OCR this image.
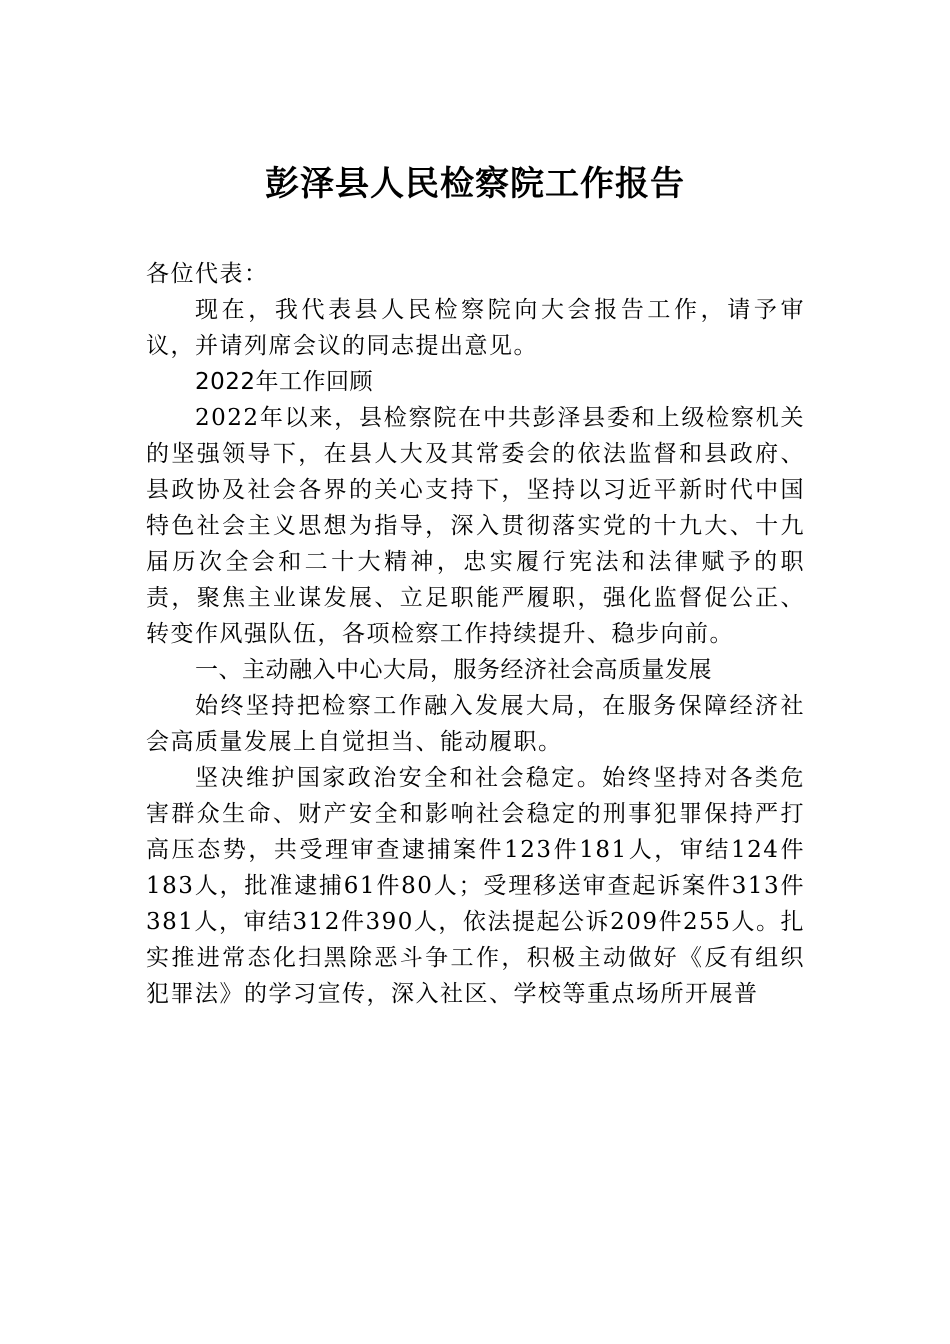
彭泽县人民检察院工作报告

各位代表：

现在，我代表县人民检察院向大会报告工作，请予审议，并请列席会议的同志提出意见。

2022年工作回顾

2022年以来，县检察院在中共彭泽县委和上级检察机关的坚强领导下，在县人大及其常委会的依法监督和县政府、县政协及社会各界的关心支持下，坚持以习近平新时代中国特色社会主义思想为指导，深入贯彻落实党的十九大、十九届历次全会和二十大精神，忠实履行宪法和法律赋予的职责，聚焦主业谋发展、立足职能严履职，强化监督促公正、转变作风强队伍，各项检察工作持续提升、稳步向前。

一、主动融入中心大局，服务经济社会高质量发展

始终坚持把检察工作融入发展大局，在服务保障经济社会高质量发展上自觉担当、能动履职。

坚决维护国家政治安全和社会稳定。始终坚持对各类危害群众生命、财产安全和影响社会稳定的刑事犯罪保持严打高压态势，共受理审查逮捕案件123件181人，审结124件183人，批准逮捕61件80人；受理移送审查起诉案件313件381人，审结312件390人，依法提起公诉209件255人。扎实推进常态化扫黑除恶斗争工作，积极主动做好《反有组织犯罪法》的学习宣传，深入社区、学校等重点场所开展普
